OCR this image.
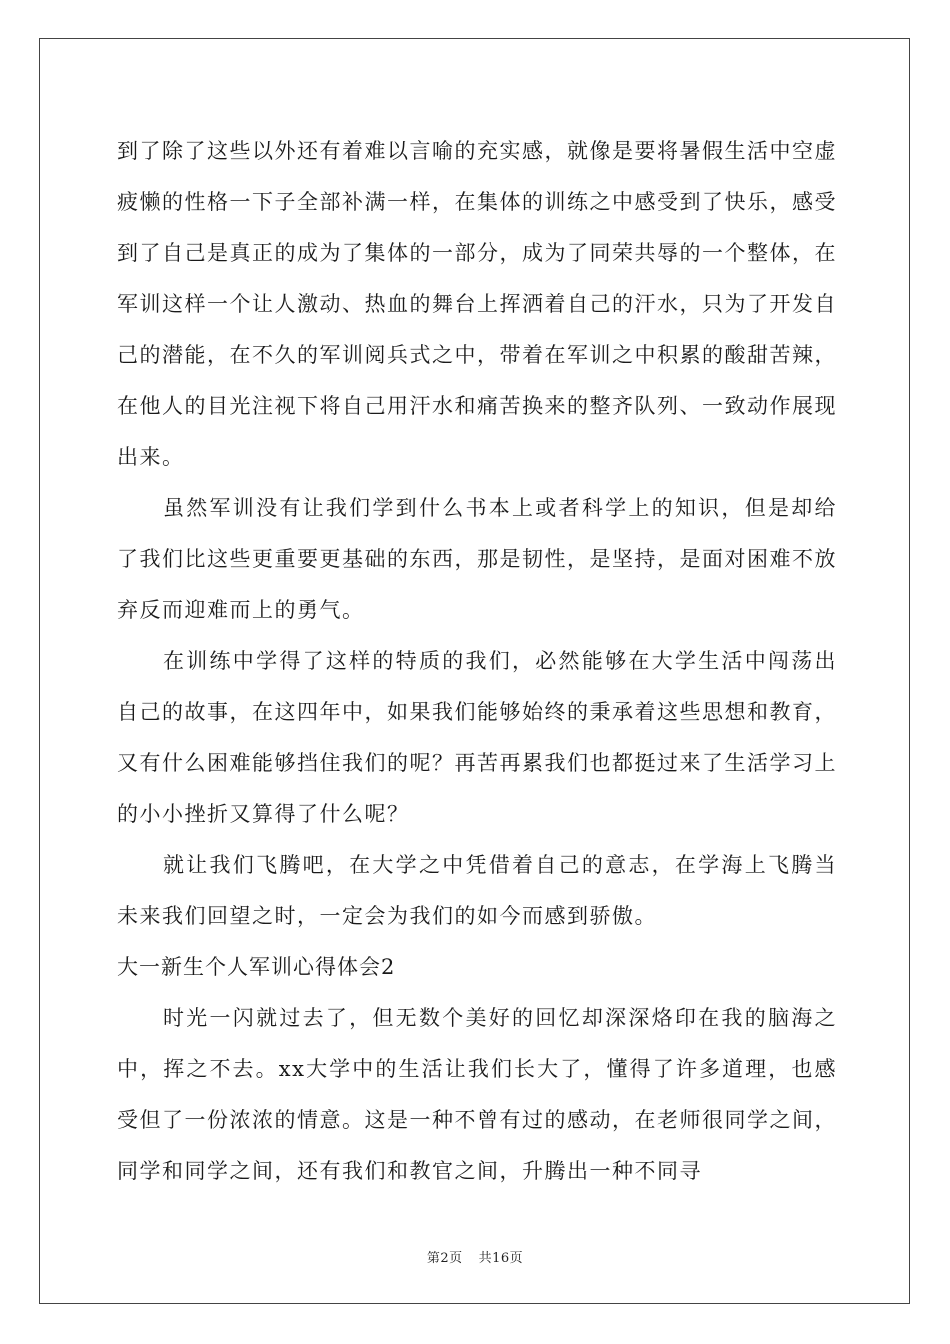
到了除了这些以外还有着难以言喻的充实感，就像是要将暑假生活中空虚疲懒的性格一下子全部补满一样，在集体的训练之中感受到了快乐，感受到了自己是真正的成为了集体的一部分，成为了同荣共辱的一个整体，在军训这样一个让人激动、热血的舞台上挥洒着自己的汗水，只为了开发自己的潜能，在不久的军训阅兵式之中，带着在军训之中积累的酸甜苦辣，在他人的目光注视下将自己用汗水和痛苦换来的整齐队列、一致动作展现出来。

虽然军训没有让我们学到什么书本上或者科学上的知识，但是却给了我们比这些更重要更基础的东西，那是韧性，是坚持，是面对困难不放弃反而迎难而上的勇气。

在训练中学得了这样的特质的我们，必然能够在大学生活中闯荡出自己的故事，在这四年中，如果我们能够始终的秉承着这些思想和教育，又有什么困难能够挡住我们的呢？再苦再累我们也都挺过来了生活学习上的小小挫折又算得了什么呢？

就让我们飞腾吧，在大学之中凭借着自己的意志，在学海上飞腾当未来我们回望之时，一定会为我们的如今而感到骄傲。

大一新生个人军训心得体会2

时光一闪就过去了，但无数个美好的回忆却深深烙印在我的脑海之中，挥之不去。xx大学中的生活让我们长大了，懂得了许多道理，也感受但了一份浓浓的情意。这是一种不曾有过的感动，在老师很同学之间，同学和同学之间，还有我们和教官之间，升腾出一种不同寻

第2页 共16页
